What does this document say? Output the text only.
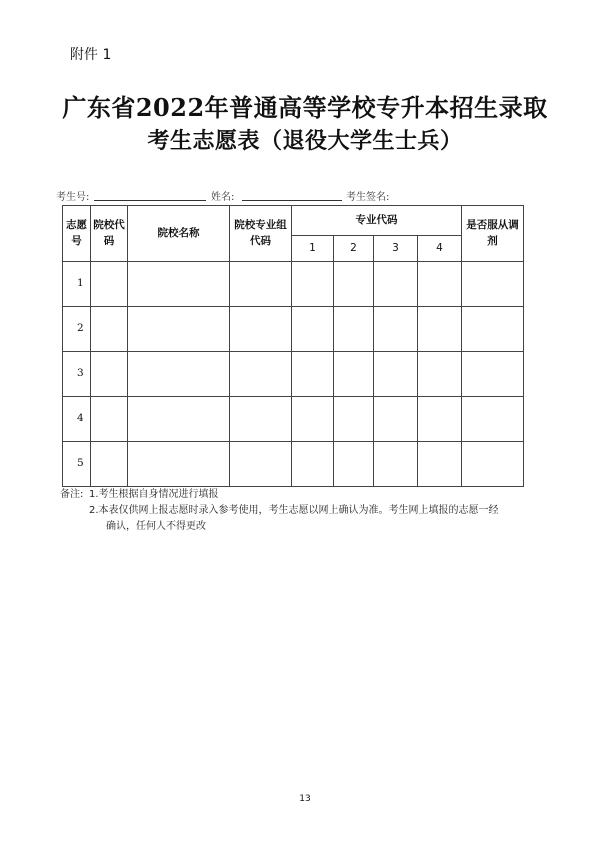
附件 1
广东省2022年普通高等学校专升本招生录取
考生志愿表（退役大学生士兵）
考生号:	姓名:	考生签名:
志愿号	院校代码	院校名称	院校专业组代码	专业代码				是否服从调剂
				1	2	3	4	
1								
2								
3								
4								
5								
备注: 1.考生根据自身情况进行填报
2.本表仅供网上报志愿时录入参考使用，考生志愿以网上确认为准。考生网上填报的志愿一经
确认，任何人不得更改
13
